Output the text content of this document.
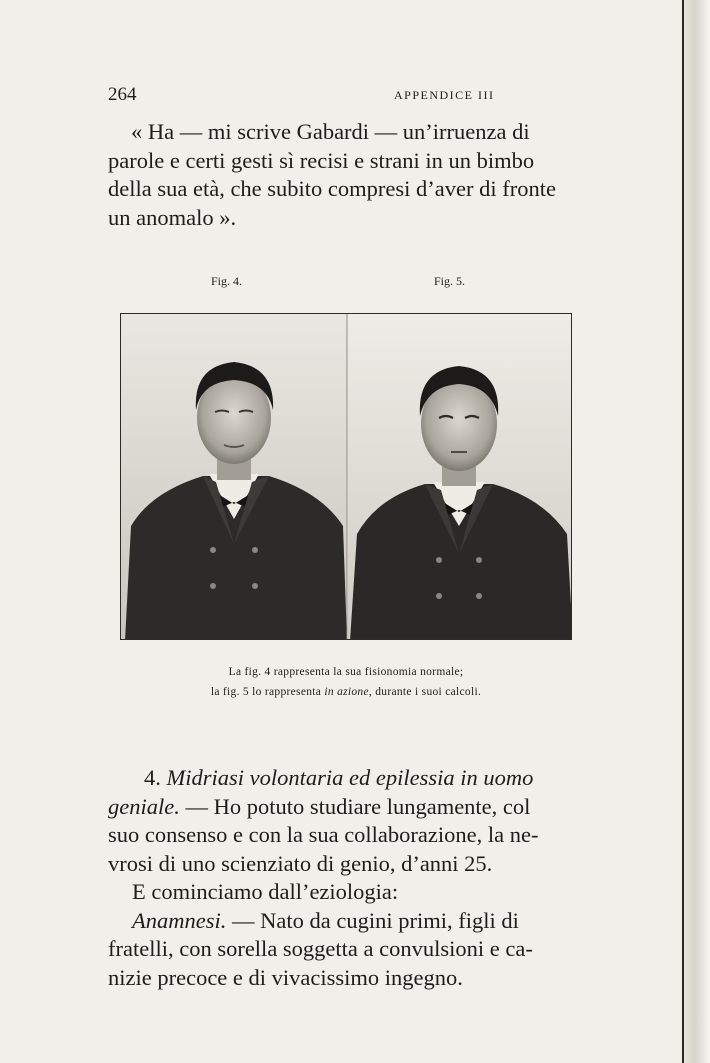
264	APPENDICE III

« Ha — mi scrive Gabardi — un’irruenza di

parole e certi gesti sì recisi e strani in un bimbo

della sua età, che subito compresi d’aver di fronte

un anomalo ».

Fig. 4.	Fig. 5.
La fig. 4 rappresenta la sua fisionomia normale;
la fig. 5 lo rappresenta in azione, durante i suoi calcoli.

4. Midriasi volontaria ed epilessia in uomo

geniale. — Ho potuto studiare lungamente, col

suo consenso e con la sua collaborazione, la ne-

vrosi di uno scienziato di genio, d’anni 25.

E cominciamo dall’eziologia:

Anamnesi. — Nato da cugini primi, figli di

fratelli, con sorella soggetta a convulsioni e ca-

nizie precoce e di vivacissimo ingegno.
